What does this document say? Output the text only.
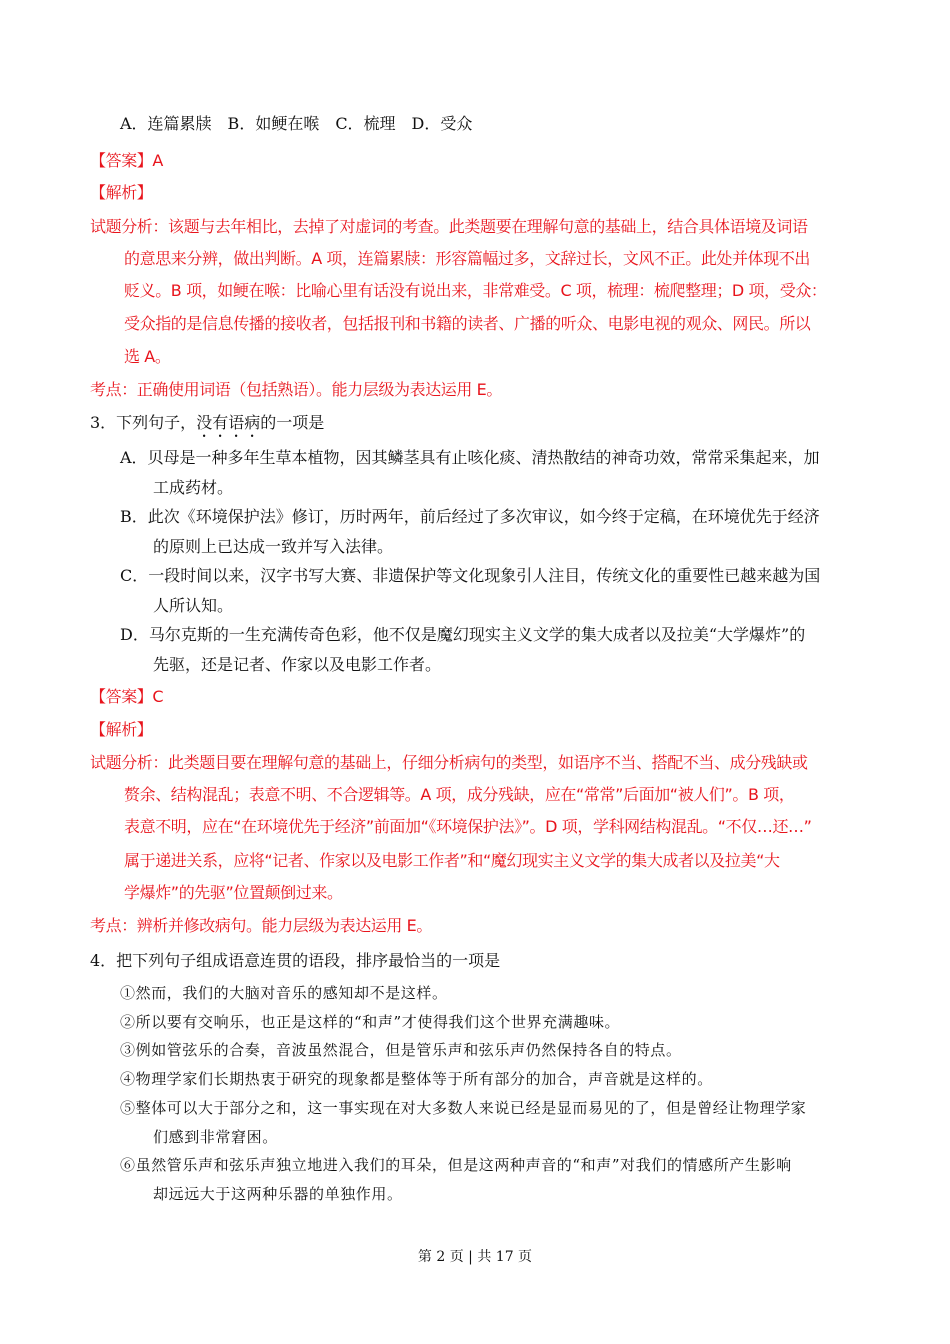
A．连篇累牍　B．如鲠在喉　C．梳理　D．受众
【答案】A
【解析】
试题分析：该题与去年相比，去掉了对虚词的考查。此类题要在理解句意的基础上，结合具体语境及词语
的意思来分辨，做出判断。A 项，连篇累牍：形容篇幅过多，文辞过长，文风不正。此处并体现不出
贬义。B 项，如鲠在喉：比喻心里有话没有说出来，非常难受。C 项，梳理：梳爬整理；D 项，受众：
受众指的是信息传播的接收者，包括报刊和书籍的读者、广播的听众、电影电视的观众、网民。所以
选 A。
考点：正确使用词语（包括熟语）。能力层级为表达运用 E。
3．下列句子，没有语病的一项是
A．贝母是一种多年生草本植物，因其鳞茎具有止咳化痰、清热散结的神奇功效，常常采集起来，加
工成药材。
B．此次《环境保护法》修订，历时两年，前后经过了多次审议，如今终于定稿，在环境优先于经济
的原则上已达成一致并写入法律。
C．一段时间以来，汉字书写大赛、非遗保护等文化现象引人注目，传统文化的重要性已越来越为国
人所认知。
D．马尔克斯的一生充满传奇色彩，他不仅是魔幻现实主义文学的集大成者以及拉美“大学爆炸”的
先驱，还是记者、作家以及电影工作者。
【答案】C
【解析】
试题分析：此类题目要在理解句意的基础上，仔细分析病句的类型，如语序不当、搭配不当、成分残缺或
赘余、结构混乱；表意不明、不合逻辑等。A 项，成分残缺，应在“常常”后面加“被人们”。B 项，
表意不明，应在“在环境优先于经济”前面加“《环境保护法》”。D 项，学科网结构混乱。“不仅…还…”
属于递进关系，应将“记者、作家以及电影工作者”和“魔幻现实主义文学的集大成者以及拉美“大
学爆炸”的先驱”位置颠倒过来。
考点：辨析并修改病句。能力层级为表达运用 E。
4．把下列句子组成语意连贯的语段，排序最恰当的一项是
①然而，我们的大脑对音乐的感知却不是这样。
②所以要有交响乐，也正是这样的“和声”才使得我们这个世界充满趣味。
③例如管弦乐的合奏，音波虽然混合，但是管乐声和弦乐声仍然保持各自的特点。
④物理学家们长期热衷于研究的现象都是整体等于所有部分的加合，声音就是这样的。
⑤整体可以大于部分之和，这一事实现在对大多数人来说已经是显而易见的了，但是曾经让物理学家
们感到非常窘困。
⑥虽然管乐声和弦乐声独立地进入我们的耳朵，但是这两种声音的“和声”对我们的情感所产生影响
却远远大于这两种乐器的单独作用。
第 2 页 | 共 17 页
